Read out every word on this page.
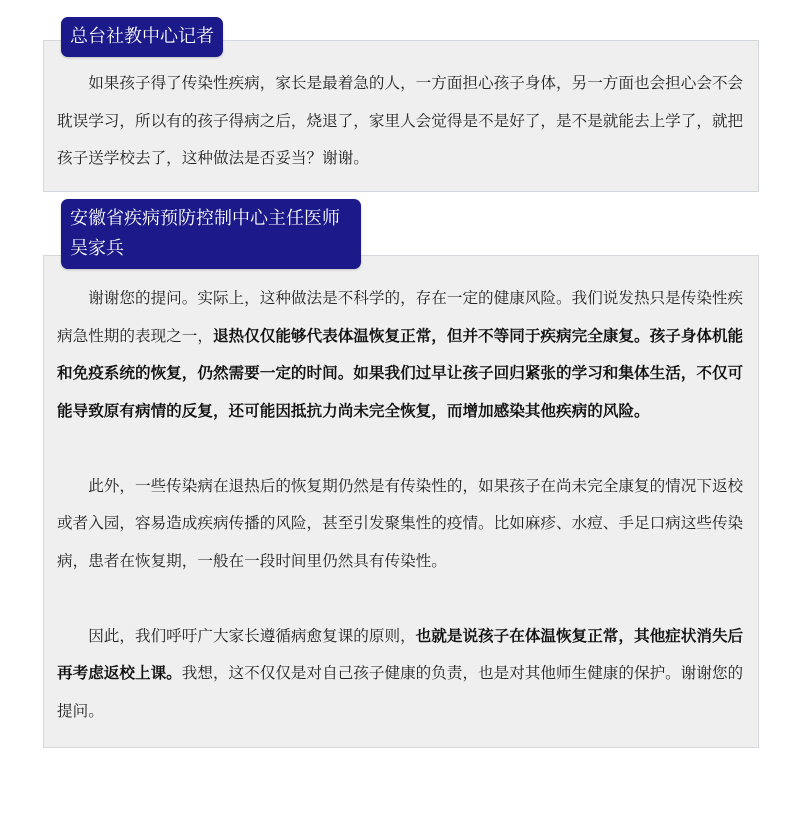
总台社教中心记者

如果孩子得了传染性疾病，家长是最着急的人，一方面担心孩子身体，另一方面也会担心会不会耽误学习，所以有的孩子得病之后，烧退了，家里人会觉得是不是好了，是不是就能去上学了，就把孩子送学校去了，这种做法是否妥当？谢谢。

安徽省疾病预防控制中心主任医师
吴家兵

谢谢您的提问。实际上，这种做法是不科学的，存在一定的健康风险。我们说发热只是传染性疾病急性期的表现之一，退热仅仅能够代表体温恢复正常，但并不等同于疾病完全康复。孩子身体机能和免疫系统的恢复，仍然需要一定的时间。如果我们过早让孩子回归紧张的学习和集体生活，不仅可能导致原有病情的反复，还可能因抵抗力尚未完全恢复，而增加感染其他疾病的风险。

此外，一些传染病在退热后的恢复期仍然是有传染性的，如果孩子在尚未完全康复的情况下返校或者入园，容易造成疾病传播的风险，甚至引发聚集性的疫情。比如麻疹、水痘、手足口病这些传染病，患者在恢复期，一般在一段时间里仍然具有传染性。

因此，我们呼吁广大家长遵循病愈复课的原则，也就是说孩子在体温恢复正常，其他症状消失后再考虑返校上课。我想，这不仅仅是对自己孩子健康的负责，也是对其他师生健康的保护。谢谢您的提问。
